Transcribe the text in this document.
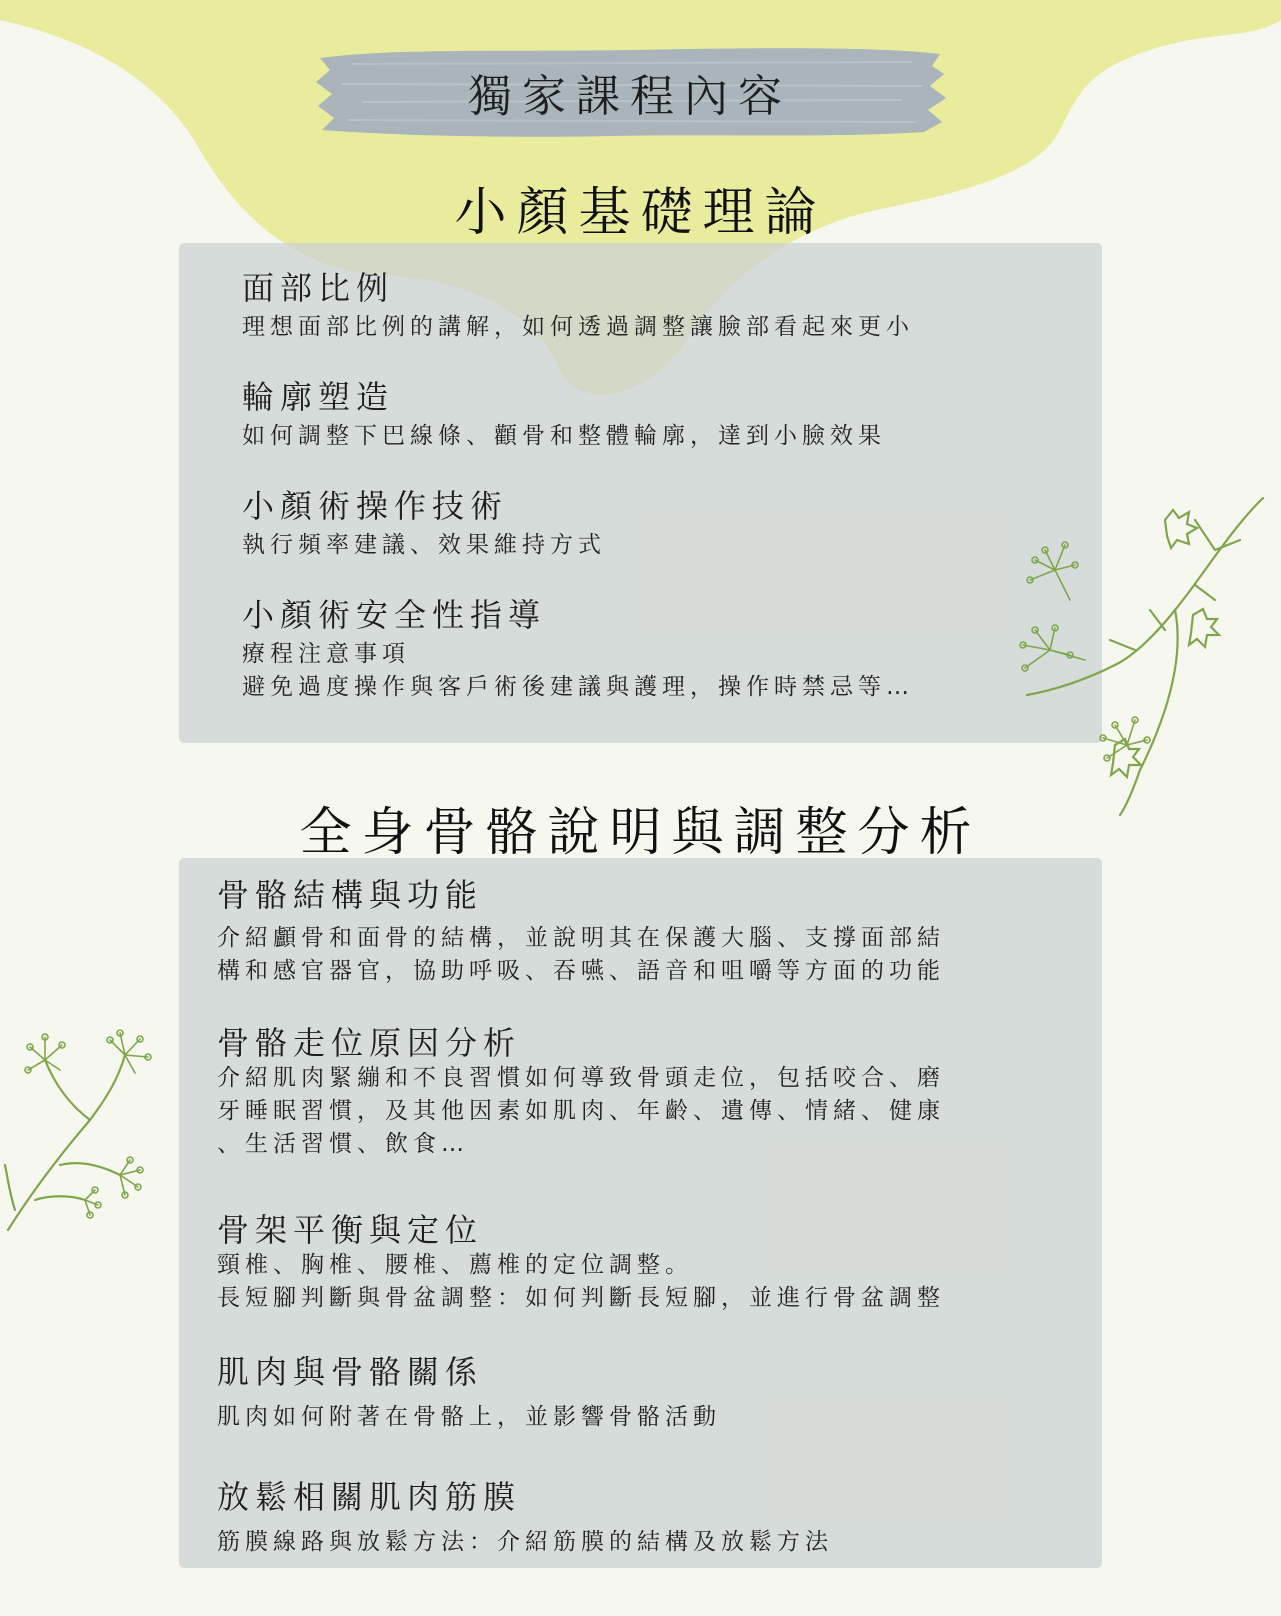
獨家課程內容
小顏基礎理論

面部比例

理想面部比例的講解，如何透過調整讓臉部看起來更小

輪廓塑造

如何調整下巴線條、顴骨和整體輪廓，達到小臉效果

小顏術操作技術

執行頻率建議、效果維持方式

小顏術安全性指導

療程注意事項

避免過度操作與客戶術後建議與護理，操作時禁忌等…

全身骨骼說明與調整分析

骨骼結構與功能

介紹顱骨和面骨的結構，並說明其在保護大腦、支撐面部結

構和感官器官，協助呼吸、吞嚥、語音和咀嚼等方面的功能

骨骼走位原因分析

介紹肌肉緊繃和不良習慣如何導致骨頭走位，包括咬合、磨

牙睡眠習慣，及其他因素如肌肉、年齡、遺傳、情緒、健康

、生活習慣、飲食…

骨架平衡與定位

頸椎、胸椎、腰椎、薦椎的定位調整。

長短腳判斷與骨盆調整：如何判斷長短腳，並進行骨盆調整

肌肉與骨骼關係

肌肉如何附著在骨骼上，並影響骨骼活動

放鬆相關肌肉筋膜

筋膜線路與放鬆方法：介紹筋膜的結構及放鬆方法
